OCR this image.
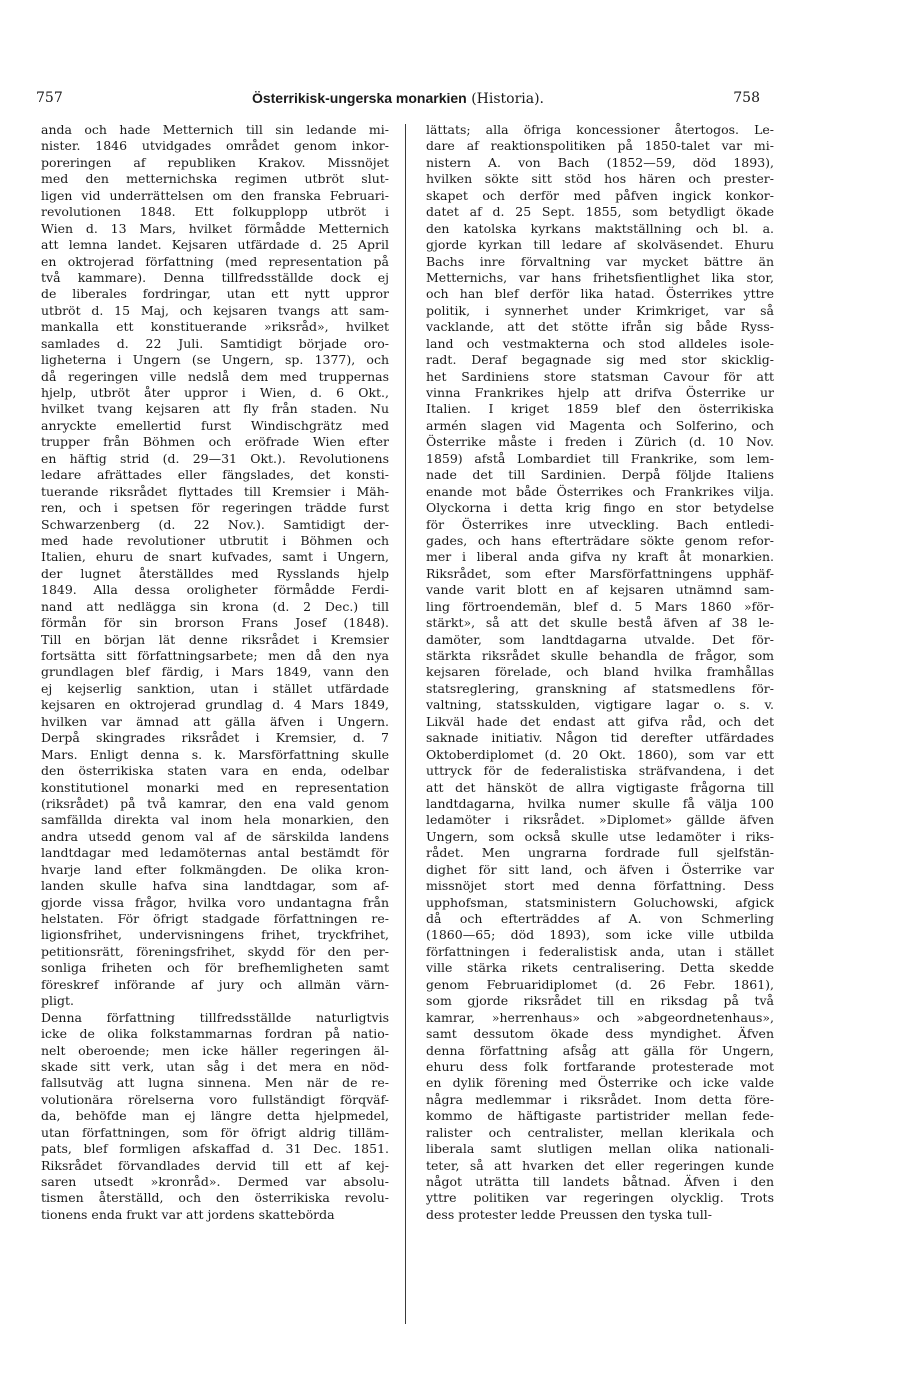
757	Österrikisk-ungerska monarkien (Historia).	758
anda och hade Metternich till sin ledande mi-
nister. 1846 utvidgades området genom inkor-
poreringen af republiken Krakov. Missnöjet
med den metternichska regimen utbröt slut-
ligen vid underrättelsen om den franska Februari-
revolutionen 1848. Ett folkupplopp utbröt i
Wien d. 13 Mars, hvilket förmådde Metternich
att lemna landet. Kejsaren utfärdade d. 25 April
en oktrojerad författning (med representation på
två kammare). Denna tillfredsställde dock ej
de liberales fordringar, utan ett nytt uppror
utbröt d. 15 Maj, och kejsaren tvangs att sam-
mankalla ett konstituerande »riksråd», hvilket
samlades d. 22 Juli. Samtidigt började oro-
ligheterna i Ungern (se Ungern, sp. 1377), och
då regeringen ville nedslå dem med truppernas
hjelp, utbröt åter uppror i Wien, d. 6 Okt.,
hvilket tvang kejsaren att fly från staden. Nu
anryckte emellertid furst Windischgrätz med
trupper från Böhmen och eröfrade Wien efter
en häftig strid (d. 29—31 Okt.). Revolutionens
ledare afrättades eller fängslades, det konsti-
tuerande riksrådet flyttades till Kremsier i Mäh-
ren, och i spetsen för regeringen trädde furst
Schwarzenberg (d. 22 Nov.). Samtidigt der-
med hade revolutioner utbrutit i Böhmen och
Italien, ehuru de snart kufvades, samt i Ungern,
der lugnet återställdes med Rysslands hjelp
1849. Alla dessa oroligheter förmådde Ferdi-
nand att nedlägga sin krona (d. 2 Dec.) till
förmån för sin brorson Frans Josef (1848).
Till en början lät denne riksrådet i Kremsier
fortsätta sitt författningsarbete; men då den nya
grundlagen blef färdig, i Mars 1849, vann den
ej kejserlig sanktion, utan i stället utfärdade
kejsaren en oktrojerad grundlag d. 4 Mars 1849,
hvilken var ämnad att gälla äfven i Ungern.
Derpå skingrades riksrådet i Kremsier, d. 7
Mars. Enligt denna s. k. Marsförfattning skulle
den österrikiska staten vara en enda, odelbar
konstitutionel monarki med en representation
(riksrådet) på två kamrar, den ena vald genom
samfällda direkta val inom hela monarkien, den
andra utsedd genom val af de särskilda landens
landtdagar med ledamöternas antal bestämdt för
hvarje land efter folkmängden. De olika kron-
landen skulle hafva sina landtdagar, som af-
gjorde vissa frågor, hvilka voro undantagna från
helstaten. För öfrigt stadgade författningen re-
ligionsfrihet, undervisningens frihet, tryckfrihet,
petitionsrätt, föreningsfrihet, skydd för den per-
sonliga friheten och för brefhemligheten samt
föreskref införande af jury och allmän värn-
pligt.
Denna författning tillfredsställde naturligtvis
icke de olika folkstammarnas fordran på natio-
nelt oberoende; men icke häller regeringen äl-
skade sitt verk, utan såg i det mera en nöd-
fallsutväg att lugna sinnena. Men när de re-
volutionära rörelserna voro fullständigt förqväf-
da, behöfde man ej längre detta hjelpmedel,
utan författningen, som för öfrigt aldrig tilläm-
pats, blef formligen afskaffad d. 31 Dec. 1851.
Riksrådet förvandlades dervid till ett af kej-
saren utsedt »kronråd». Dermed var absolu-
tismen återställd, och den österrikiska revolu-
tionens enda frukt var att jordens skattebörda
lättats; alla öfriga koncessioner återtogos. Le-
dare af reaktionspolitiken på 1850-talet var mi-
nistern A. von Bach (1852—59, död 1893),
hvilken sökte sitt stöd hos hären och prester-
skapet och derför med påfven ingick konkor-
datet af d. 25 Sept. 1855, som betydligt ökade
den katolska kyrkans maktställning och bl. a.
gjorde kyrkan till ledare af skolväsendet. Ehuru
Bachs inre förvaltning var mycket bättre än
Metternichs, var hans frihetsfientlighet lika stor,
och han blef derför lika hatad. Österrikes yttre
politik, i synnerhet under Krimkriget, var så
vacklande, att det stötte ifrån sig både Ryss-
land och vestmakterna och stod alldeles isole-
radt. Deraf begagnade sig med stor skicklig-
het Sardiniens store statsman Cavour för att
vinna Frankrikes hjelp att drifva Österrike ur
Italien. I kriget 1859 blef den österrikiska
armén slagen vid Magenta och Solferino, och
Österrike måste i freden i Zürich (d. 10 Nov.
1859) afstå Lombardiet till Frankrike, som lem-
nade det till Sardinien. Derpå följde Italiens
enande mot både Österrikes och Frankrikes vilja.
Olyckorna i detta krig fingo en stor betydelse
för Österrikes inre utveckling. Bach entledi-
gades, och hans efterträdare sökte genom refor-
mer i liberal anda gifva ny kraft åt monarkien.
Riksrådet, som efter Marsförfattningens upphäf-
vande varit blott en af kejsaren utnämnd sam-
ling förtroendemän, blef d. 5 Mars 1860 »för-
stärkt», så att det skulle bestå äfven af 38 le-
damöter, som landtdagarna utvalde. Det för-
stärkta riksrådet skulle behandla de frågor, som
kejsaren förelade, och bland hvilka framhållas
statsreglering, granskning af statsmedlens för-
valtning, statsskulden, vigtigare lagar o. s. v.
Likväl hade det endast att gifva råd, och det
saknade initiativ. Någon tid derefter utfärdades
Oktoberdiplomet (d. 20 Okt. 1860), som var ett
uttryck för de federalistiska sträfvandena, i det
att det hänsköt de allra vigtigaste frågorna till
landtdagarna, hvilka numer skulle få välja 100
ledamöter i riksrådet. »Diplomet» gällde äfven
Ungern, som också skulle utse ledamöter i riks-
rådet. Men ungrarna fordrade full sjelfstän-
dighet för sitt land, och äfven i Österrike var
missnöjet stort med denna författning. Dess
upphofsman, statsministern Goluchowski, afgick
då och efterträddes af A. von Schmerling
(1860—65; död 1893), som icke ville utbilda
författningen i federalistisk anda, utan i stället
ville stärka rikets centralisering. Detta skedde
genom Februaridiplomet (d. 26 Febr. 1861),
som gjorde riksrådet till en riksdag på två
kamrar, »herrenhaus» och »abgeordnetenhaus»,
samt dessutom ökade dess myndighet. Äfven
denna författning afsåg att gälla för Ungern,
ehuru dess folk fortfarande protesterade mot
en dylik förening med Österrike och icke valde
några medlemmar i riksrådet. Inom detta före-
kommo de häftigaste partistrider mellan fede-
ralister och centralister, mellan klerikala och
liberala samt slutligen mellan olika nationali-
teter, så att hvarken det eller regeringen kunde
något uträtta till landets båtnad. Äfven i den
yttre politiken var regeringen olycklig. Trots
dess protester ledde Preussen den tyska tull-
